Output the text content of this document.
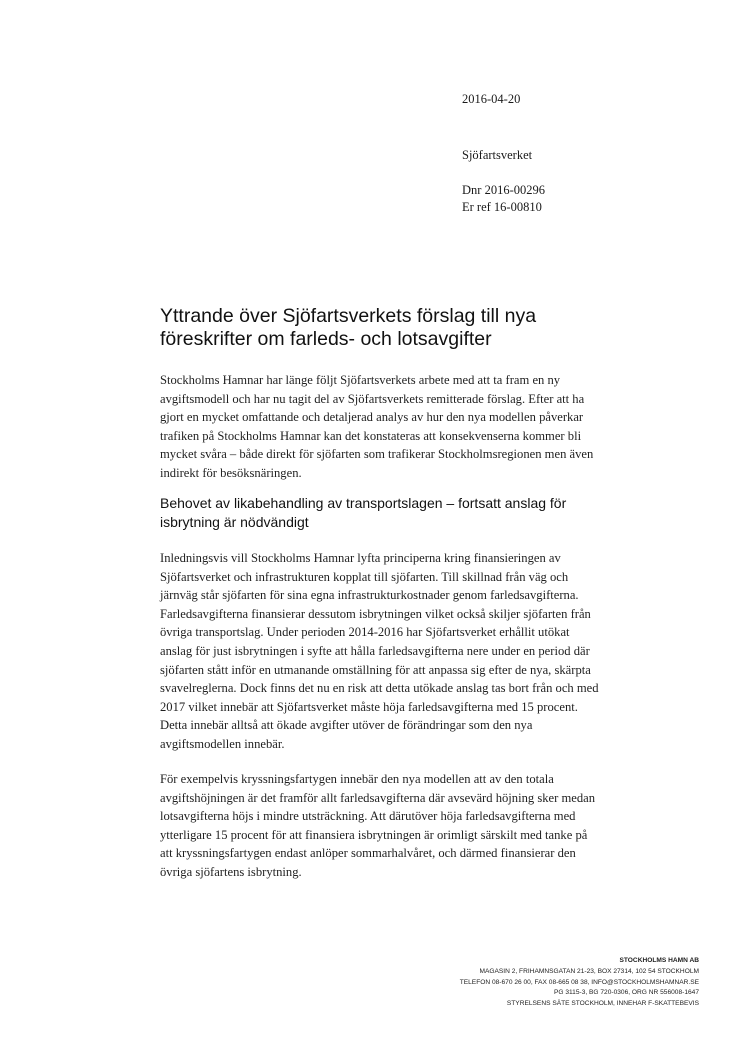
2016-04-20
Sjöfartsverket
Dnr 2016-00296
Er ref 16-00810
Yttrande över Sjöfartsverkets förslag till nya föreskrifter om farleds- och lotsavgifter

Stockholms Hamnar har länge följt Sjöfartsverkets arbete med att ta fram en ny avgiftsmodell och har nu tagit del av Sjöfartsverkets remitterade förslag. Efter att ha gjort en mycket omfattande och detaljerad analys av hur den nya modellen påverkar trafiken på Stockholms Hamnar kan det konstateras att konsekvenserna kommer bli mycket svåra – både direkt för sjöfarten som trafikerar Stockholmsregionen men även indirekt för besöksnäringen.

Behovet av likabehandling av transportslagen – fortsatt anslag för isbrytning är nödvändigt

Inledningsvis vill Stockholms Hamnar lyfta principerna kring finansieringen av Sjöfartsverket och infrastrukturen kopplat till sjöfarten. Till skillnad från väg och järnväg står sjöfarten för sina egna infrastrukturkostnader genom farledsavgifterna. Farledsavgifterna finansierar dessutom isbrytningen vilket också skiljer sjöfarten från övriga transportslag. Under perioden 2014-2016 har Sjöfartsverket erhållit utökat anslag för just isbrytningen i syfte att hålla farledsavgifterna nere under en period där sjöfarten stått inför en utmanande omställning för att anpassa sig efter de nya, skärpta svavelreglerna. Dock finns det nu en risk att detta utökade anslag tas bort från och med 2017 vilket innebär att Sjöfartsverket måste höja farledsavgifterna med 15 procent. Detta innebär alltså att ökade avgifter utöver de förändringar som den nya avgiftsmodellen innebär.

För exempelvis kryssningsfartygen innebär den nya modellen att av den totala avgiftshöjningen är det framför allt farledsavgifterna där avsevärd höjning sker medan lotsavgifterna höjs i mindre utsträckning. Att därutöver höja farledsavgifterna med ytterligare 15 procent för att finansiera isbrytningen är orimligt särskilt med tanke på att kryssningsfartygen endast anlöper sommarhalvåret, och därmed finansierar den övriga sjöfartens isbrytning.

STOCKHOLMS HAMN AB
MAGASIN 2, FRIHAMNSGATAN 21-23, BOX 27314, 102 54 STOCKHOLM
TELEFON 08-670 26 00, FAX 08-665 08 38, INFO@STOCKHOLMSHAMNAR.SE
PG 3115-3, BG 720-0306, ORG NR 556008-1647
STYRELSENS SÄTE STOCKHOLM, INNEHAR F-SKATTEBEVIS
